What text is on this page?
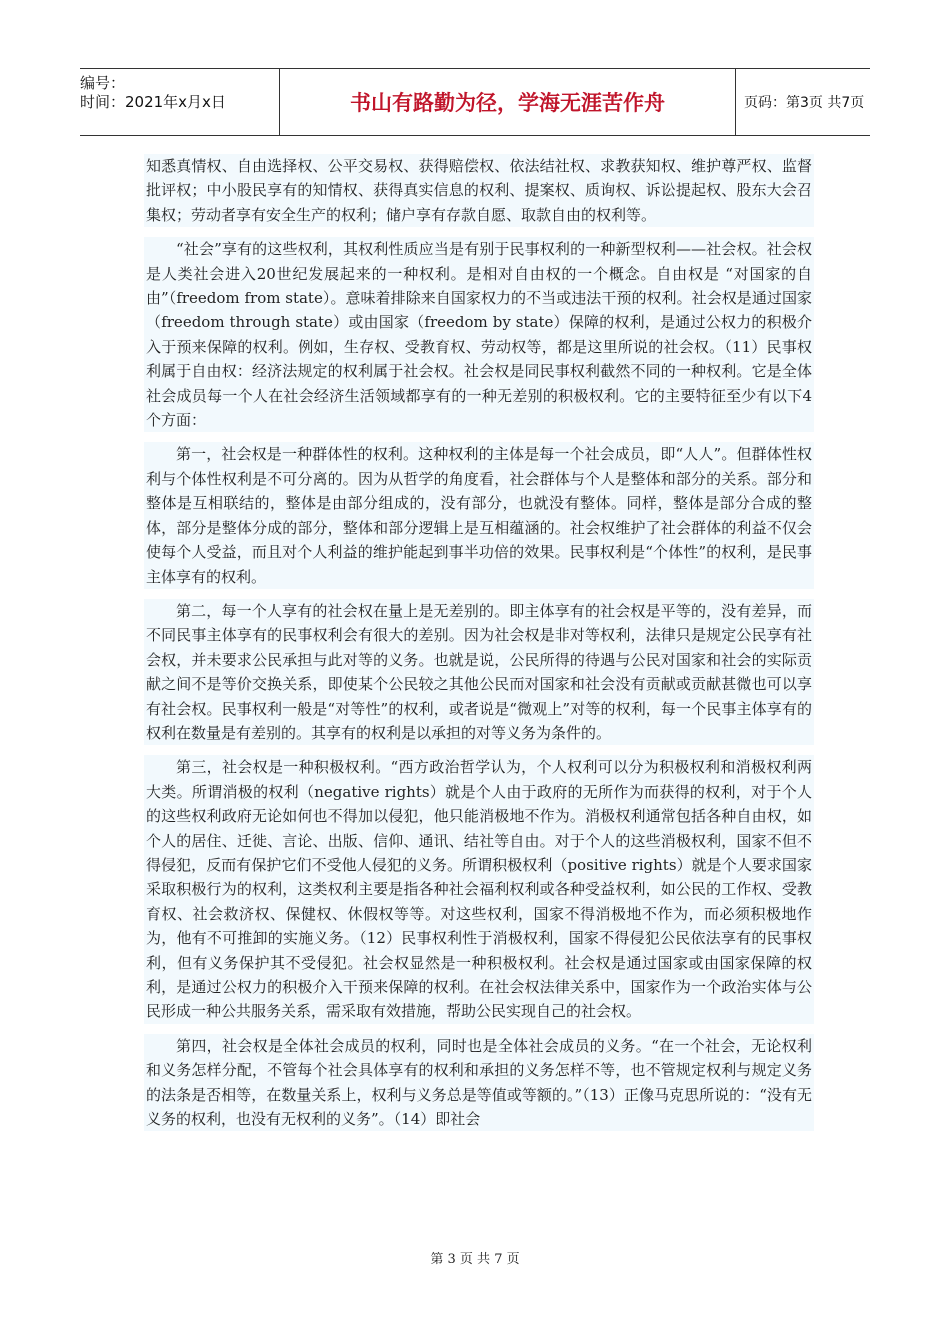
编号：
时间：2021年x月x日	书山有路勤为径，学海无涯苦作舟	页码：第3页 共7页

知悉真情权、自由选择权、公平交易权、获得赔偿权、依法结社权、求教获知权、维护尊严权、监督批评权；中小股民享有的知情权、获得真实信息的权利、提案权、质询权、诉讼提起权、股东大会召集权；劳动者享有安全生产的权利；储户享有存款自愿、取款自由的权利等。

“社会”享有的这些权利，其权利性质应当是有别于民事权利的一种新型权利——社会权。社会权是人类社会进入20世纪发展起来的一种权利。是相对自由权的一个概念。自由权是 “对国家的自由”（freedom from state）。意味着排除来自国家权力的不当或违法干预的权利。社会权是通过国家（freedom through state）或由国家（freedom by state）保障的权利，是通过公权力的积极介入于预来保障的权利。例如，生存权、受教育权、劳动权等，都是这里所说的社会权。（11）民事权利属于自由权：经济法规定的权利属于社会权。社会权是同民事权利截然不同的一种权利。它是全体社会成员每一个人在社会经济生活领域都享有的一种无差别的积极权利。它的主要特征至少有以下4个方面：

第一，社会权是一种群体性的权利。这种权利的主体是每一个社会成员，即“人人”。但群体性权利与个体性权利是不可分离的。因为从哲学的角度看，社会群体与个人是整体和部分的关系。部分和整体是互相联结的，整体是由部分组成的，没有部分，也就没有整体。同样，整体是部分合成的整体，部分是整体分成的部分，整体和部分逻辑上是互相蕴涵的。社会权维护了社会群体的利益不仅会使每个人受益，而且对个人利益的维护能起到事半功倍的效果。民事权利是“个体性”的权利，是民事主体享有的权利。

第二，每一个人享有的社会权在量上是无差别的。即主体享有的社会权是平等的，没有差异，而不同民事主体享有的民事权利会有很大的差别。因为社会权是非对等权利，法律只是规定公民享有社会权，并未要求公民承担与此对等的义务。也就是说，公民所得的待遇与公民对国家和社会的实际贡献之间不是等价交换关系，即使某个公民较之其他公民而对国家和社会没有贡献或贡献甚微也可以享有社会权。民事权利一般是“对等性”的权利，或者说是“微观上”对等的权利，每一个民事主体享有的权利在数量是有差别的。其享有的权利是以承担的对等义务为条件的。

第三，社会权是一种积极权利。“西方政治哲学认为，个人权利可以分为积极权利和消极权利两大类。所谓消极的权利（negative rights）就是个人由于政府的无所作为而获得的权利，对于个人的这些权利政府无论如何也不得加以侵犯，他只能消极地不作为。消极权利通常包括各种自由权，如个人的居住、迁徙、言论、出版、信仰、通讯、结社等自由。对于个人的这些消极权利，国家不但不得侵犯，反而有保护它们不受他人侵犯的义务。所谓积极权利（positive rights）就是个人要求国家采取积极行为的权利，这类权利主要是指各种社会福利权利或各种受益权利，如公民的工作权、受教育权、社会救济权、保健权、休假权等等。对这些权利，国家不得消极地不作为，而必须积极地作为，他有不可推卸的实施义务。（12）民事权利性于消极权利，国家不得侵犯公民依法享有的民事权利，但有义务保护其不受侵犯。社会权显然是一种积极权利。社会权是通过国家或由国家保障的权利，是通过公权力的积极介入干预来保障的权利。在社会权法律关系中，国家作为一个政治实体与公民形成一种公共服务关系，需采取有效措施，帮助公民实现自己的社会权。

第四，社会权是全体社会成员的权利，同时也是全体社会成员的义务。“在一个社会，无论权利和义务怎样分配，不管每个社会具体享有的权利和承担的义务怎样不等，也不管规定权利与规定义务的法条是否相等，在数量关系上，权利与义务总是等值或等额的。”（13）正像马克思所说的：“没有无义务的权利，也没有无权利的义务”。（14）即社会

第 3 页 共 7 页
